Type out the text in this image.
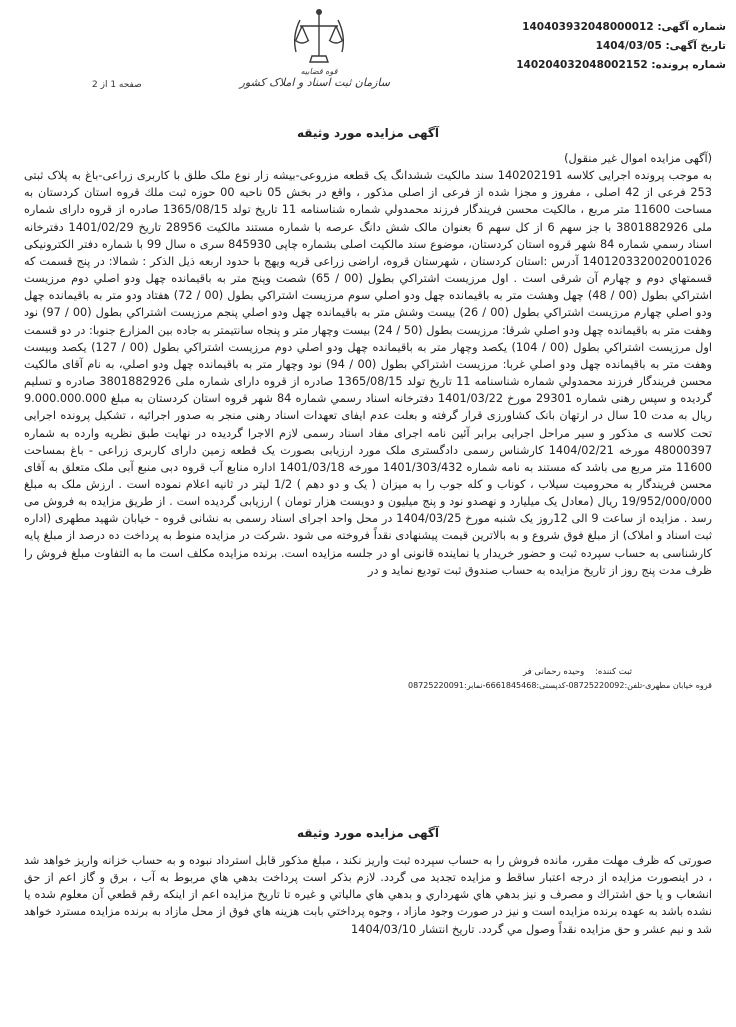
قوه قضاییه
سازمان ثبت اسناد و املاک کشور
شماره آگهی: 140403932048000012
تاریخ آگهی: 1404/03/05
شماره پرونده: 140204032048002152
صفحه 1 از 2
آگهی مزایده مورد وثیقه

(آگهی مزایده اموال غیر منقول)

به موجب پرونده اجرایی کلاسه 140202191 سند مالکیت ششدانگ یک قطعه مزروعی-بیشه زار نوع ملک طلق با کاربری زراعی-باغ به پلاک ثبتی 253 فرعی از 42 اصلی ، مفروز و مجزا شده از فرعی از اصلی مذکور ، واقع در بخش 05 ناحیه 00 حوزه ثبت ملك قروه استان كردستان به مساحت 11600 متر مربع ، مالکیت محسن فریندگار فرزند محمدولي شماره شناسنامه 11 تاریخ تولد 1365/08/15 صادره از قروه دارای شماره ملی 3801882926 با جز سهم 6 از کل سهم 6 بعنوان مالک شش دانگ عرصه با شماره مستند مالکیت 28956 تاریخ 1401/02/29 دفترخانه اسناد رسمي شماره 84 شهر قروه استان كردستان، موضوع سند مالکیت اصلی بشماره چاپی 845930 سری ه سال 99 با شماره دفتر الکترونیکی 140120332002001026 آدرس :استان كردستان ، شهرستان قروه، اراضی زراعی قریه ویهج با حدود اربعه ذیل الذکر : شمالا: در پنج قسمت که قسمتهاي دوم و چهارم آن شرقی است . اول مرزیست اشتراکي بطول (00 / 65) شصت وپنج متر به باقیمانده چهل ودو اصلي دوم مرزیست اشتراکي بطول (00 / 48) چهل وهشت متر به باقیمانده چهل ودو اصلي سوم مرزیست اشتراکي بطول (00 / 72) هفتاد ودو متر به باقیمانده چهل ودو اصلي چهارم مرزیست اشتراکي بطول (00 / 26) بیست وشش متر به باقیمانده چهل ودو اصلي پنجم مرزیست اشتراکي بطول (00 / 97) نود وهفت متر به باقیمانده چهل ودو اصلي شرقا: مرزیست بطول (50 / 24) بیست وچهار متر و پنجاه سانتیمتر به جاده بین المزارع جنوبا: در دو قسمت اول مرزیست اشتراکي بطول (00 / 104) یکصد وچهار متر به باقیمانده چهل ودو اصلي دوم مرزیست اشتراکي بطول (00 / 127) یکصد وبیست وهفت متر به باقیمانده چهل ودو اصلي غربا: مرزیست اشتراکي بطول (00 / 94) نود وچهار متر به باقیمانده چهل ودو اصلي، به نام آقای مالکیت محسن فریندگار فرزند محمدولي شماره شناسنامه 11 تاریخ تولد 1365/08/15 صادره از قروه دارای شماره ملی 3801882926 صادره و تسلیم گردیده و سپس رهنی شماره 29301 مورخ 1401/03/22 دفترخانه اسناد رسمي شماره 84 شهر قروه استان كردستان به مبلغ 9.000.000.000 ریال به مدت 10 سال در ارتهان بانک کشاورزی قرار گرفته و بعلت عدم ایفای تعهدات اسناد رهنی منجر به صدور اجرائیه ، تشکیل پرونده اجرایی تحت کلاسه ی مذکور و سیر مراحل اجرایی برابر آئین نامه اجرای مفاد اسناد رسمی لازم الاجرا گردیده در نهایت طبق نظریه وارده به شماره 48000397 مورخه 1404/02/21 کارشناس رسمی دادگستری ملک مورد ارزیابی بصورت یک قطعه زمین دارای کاربری زراعی - باغ بمساحت 11600 متر مربع می باشد که مستند به نامه شماره 1401/303/432 مورخه 1401/03/18 اداره منابع آب قروه دبی منبع آبی ملک متعلق به آقای محسن فریندگار به محرومیت سیلاب ، کوناب و کله جوب را به میزان ( یک و دو دهم ) 1/2 لیتر در ثانیه اعلام نموده است . ارزش ملک به مبلغ 19/952/000/000 ریال (معادل یک میلیارد و نهصدو نود و پنج میلیون و دویست هزار تومان ) ارزیابی گردیده است . از طریق مزایده به فروش می رسد . مزایده از ساعت 9 الی 12روز یک شنبه مورخ 1404/03/25 در محل واحد اجرای اسناد رسمی به نشانی قروه - خیابان شهید مطهری (اداره ثبت اسناد و املاک) از مبلغ فوق شروع و به بالاترین قیمت پیشنهادی نقداً فروخته می شود .شرکت در مزایده منوط به پرداخت ده درصد از مبلغ پایه کارشناسی به حساب سپرده ثبت و حضور خریدار یا نماینده قانونی او در جلسه مزایده است. برنده مزایده مکلف است ما به التفاوت مبلغ فروش را ظرف مدت پنج روز از تاریخ مزایده به حساب صندوق ثبت تودیع نماید و در

ثبت کننده:    وحیده رحمانی فر
قروه خیابان مطهری-تلفن:08725220092-کدپستی:6661845468-نمابر:08725220091
آگهی مزایده مورد وثیقه

صورتی که ظرف مهلت مقرر، مانده فروش را به حساب سپرده ثبت واریز نکند ، مبلغ مذکور قابل استرداد نبوده و به حساب خزانه واریز خواهد شد ، در اینصورت مزایده از درجه اعتبار ساقط و مزایده تجدید می گردد. لازم بذکر است پرداخت بدهي هاي مربوط به آب ، برق و گاز اعم از حق انشعاب و یا حق اشتراك و مصرف و نیز بدهي هاي شهرداري و بدهي هاي مالیاتي و غیره تا تاریخ مزایده اعم از اینکه رقم قطعي آن معلوم شده یا نشده باشد به عهده برنده مزایده است و نیز در صورت وجود مازاد ، وجوه پرداختي بابت هزینه هاي فوق از محل مازاد به برنده مزایده مسترد خواهد شد و نیم عشر و حق مزایده نقداً وصول مي گردد. تاریخ انتشار 1404/03/10
